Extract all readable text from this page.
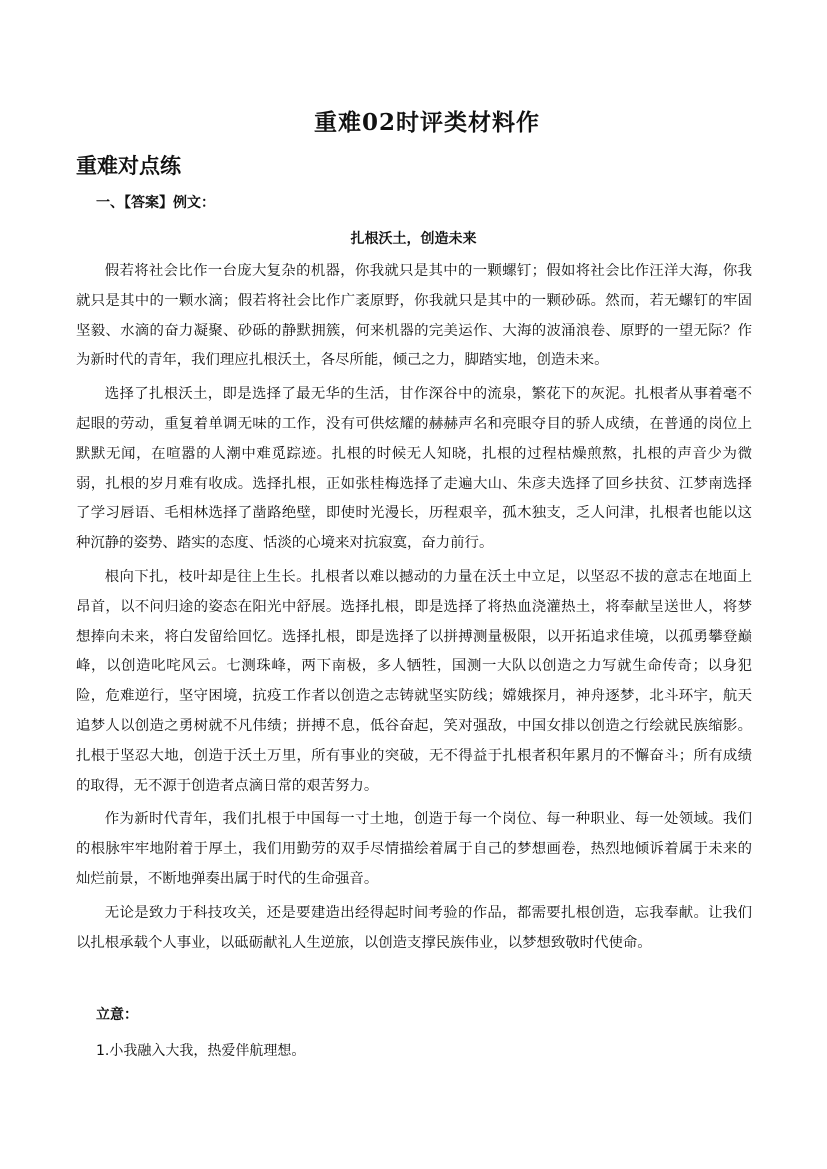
重难02时评类材料作
重难对点练
一、【答案】例文：
扎根沃土，创造未来

假若将社会比作一台庞大复杂的机器，你我就只是其中的一颗螺钉；假如将社会比作汪洋大海，你我就只是其中的一颗水滴；假若将社会比作广袤原野，你我就只是其中的一颗砂砾。然而，若无螺钉的牢固坚毅、水滴的奋力凝聚、砂砾的静默拥簇，何来机器的完美运作、大海的波涌浪卷、原野的一望无际？作为新时代的青年，我们理应扎根沃土，各尽所能，倾己之力，脚踏实地，创造未来。

选择了扎根沃土，即是选择了最无华的生活，甘作深谷中的流泉，繁花下的灰泥。扎根者从事着毫不起眼的劳动，重复着单调无味的工作，没有可供炫耀的赫赫声名和亮眼夺目的骄人成绩，在普通的岗位上默默无闻，在喧嚣的人潮中难觅踪迹。扎根的时候无人知晓，扎根的过程枯燥煎熬，扎根的声音少为微弱，扎根的岁月难有收成。选择扎根，正如张桂梅选择了走遍大山、朱彦夫选择了回乡扶贫、江梦南选择了学习唇语、毛相林选择了凿路绝壁，即使时光漫长，历程艰辛，孤木独支，乏人问津，扎根者也能以这种沉静的姿势、踏实的态度、恬淡的心境来对抗寂寞，奋力前行。

根向下扎，枝叶却是往上生长。扎根者以难以撼动的力量在沃土中立足，以坚忍不拔的意志在地面上昂首，以不问归途的姿态在阳光中舒展。选择扎根，即是选择了将热血浇灌热土，将奉献呈送世人，将梦想捧向未来，将白发留给回忆。选择扎根，即是选择了以拼搏测量极限，以开拓追求佳境，以孤勇攀登巅峰，以创造叱咤风云。七测珠峰，两下南极，多人牺牲，国测一大队以创造之力写就生命传奇；以身犯险，危难逆行，坚守困境，抗疫工作者以创造之志铸就坚实防线；嫦娥探月，神舟逐梦，北斗环宇，航天追梦人以创造之勇树就不凡伟绩；拼搏不息，低谷奋起，笑对强敌，中国女排以创造之行绘就民族缩影。扎根于坚忍大地，创造于沃土万里，所有事业的突破，无不得益于扎根者积年累月的不懈奋斗；所有成绩的取得，无不源于创造者点滴日常的艰苦努力。

作为新时代青年，我们扎根于中国每一寸土地，创造于每一个岗位、每一种职业、每一处领域。我们的根脉牢牢地附着于厚土，我们用勤劳的双手尽情描绘着属于自己的梦想画卷，热烈地倾诉着属于未来的灿烂前景，不断地弹奏出属于时代的生命强音。

无论是致力于科技攻关，还是要建造出经得起时间考验的作品，都需要扎根创造，忘我奉献。让我们以扎根承载个人事业，以砥砺献礼人生逆旅，以创造支撑民族伟业，以梦想致敬时代使命。

立意：
1.小我融入大我，热爱伴航理想。
